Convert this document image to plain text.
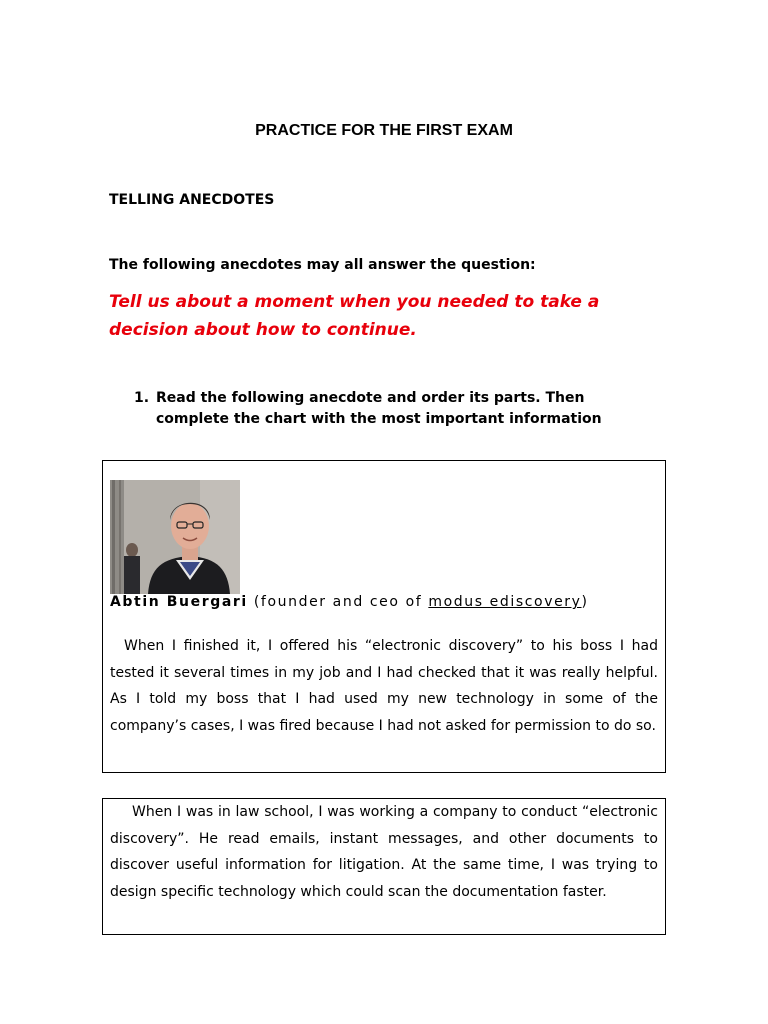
PRACTICE FOR THE FIRST EXAM
TELLING ANECDOTES
The following anecdotes may all answer the question:
Tell us about a moment when you needed to take a decision about how to continue.
1. Read the following anecdote and order its parts. Then
complete the chart with the most important information
Abtin Buergari (founder and ceo of modus ediscovery)
When I finished it, I offered his “electronic discovery” to his boss I had tested it several times in my job and I had checked that it was really helpful. As I told my boss that I had used my new technology in some of the company’s cases, I was fired because I had not asked for permission to do so.
When I was in law school, I was working a company to conduct “electronic discovery”. He read emails, instant messages, and other documents to discover useful information for litigation. At the same time, I was trying to design specific technology which could scan the documentation faster.
